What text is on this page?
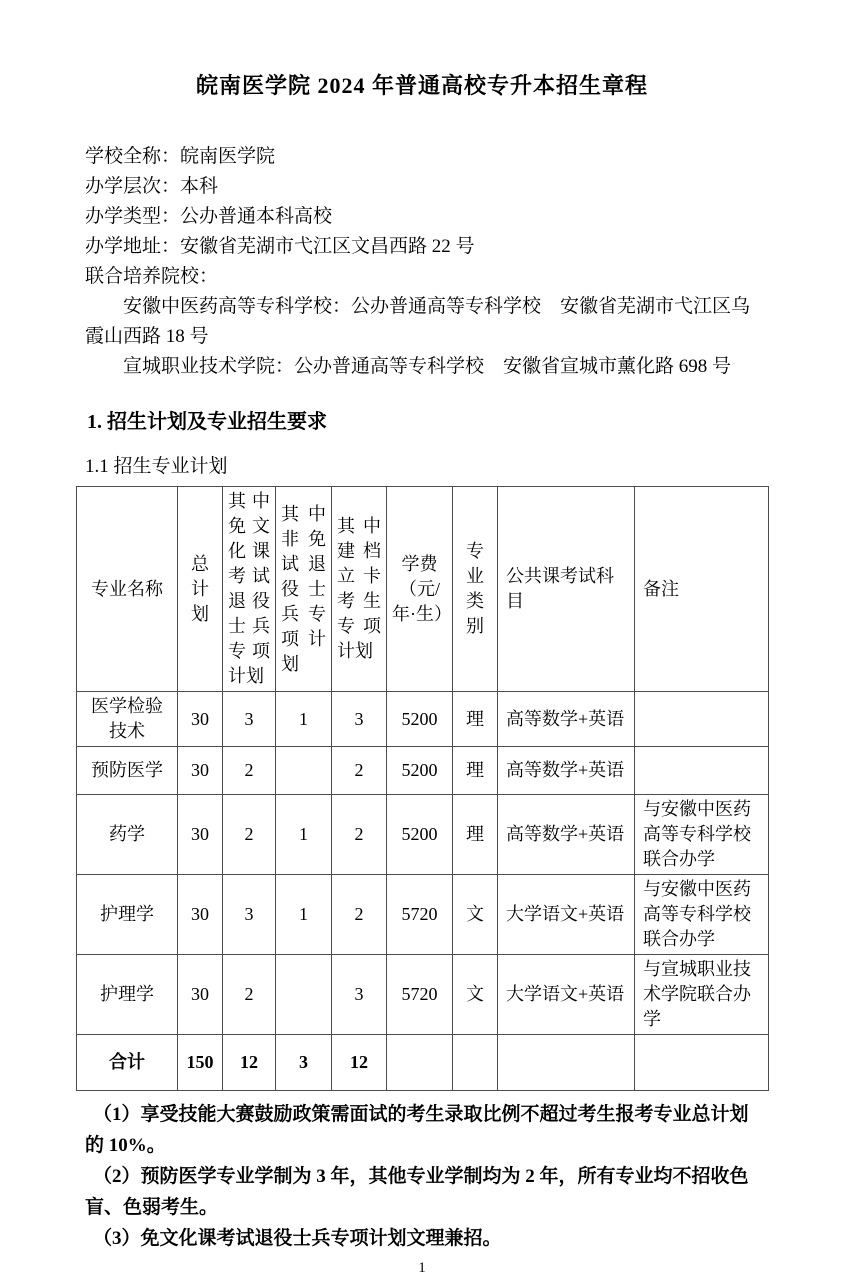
皖南医学院 2024 年普通高校专升本招生章程

学校全称：皖南医学院

办学层次：本科

办学类型：公办普通本科高校

办学地址：安徽省芜湖市弋江区文昌西路 22 号

联合培养院校：

安徽中医药高等专科学校：公办普通高等专科学校　安徽省芜湖市弋江区乌霞山西路 18 号

宣城职业技术学院：公办普通高等专科学校　安徽省宣城市薰化路 698 号

1. 招生计划及专业招生要求
1.1 招生专业计划
专业名称	总计划	其中免文化课考试退役士兵专项计划	其中非免试退役士兵专项计划	其中建档立卡考生专项计划	学费（元/年·生）	专业类别	公共课考试科目	备注
医学检验技术	30	3	1	3	5200	理	高等数学+英语	
预防医学	30	2		2	5200	理	高等数学+英语	
药学	30	2	1	2	5200	理	高等数学+英语	与安徽中医药高等专科学校联合办学
护理学	30	3	1	2	5720	文	大学语文+英语	与安徽中医药高等专科学校联合办学
护理学	30	2		3	5720	文	大学语文+英语	与宣城职业技术学院联合办学
合计	150	12	3	12				

（1）享受技能大赛鼓励政策需面试的考生录取比例不超过考生报考专业总计划的 10%。

（2）预防医学专业学制为 3 年，其他专业学制均为 2 年，所有专业均不招收色盲、色弱考生。

（3）免文化课考试退役士兵专项计划文理兼招。

1
